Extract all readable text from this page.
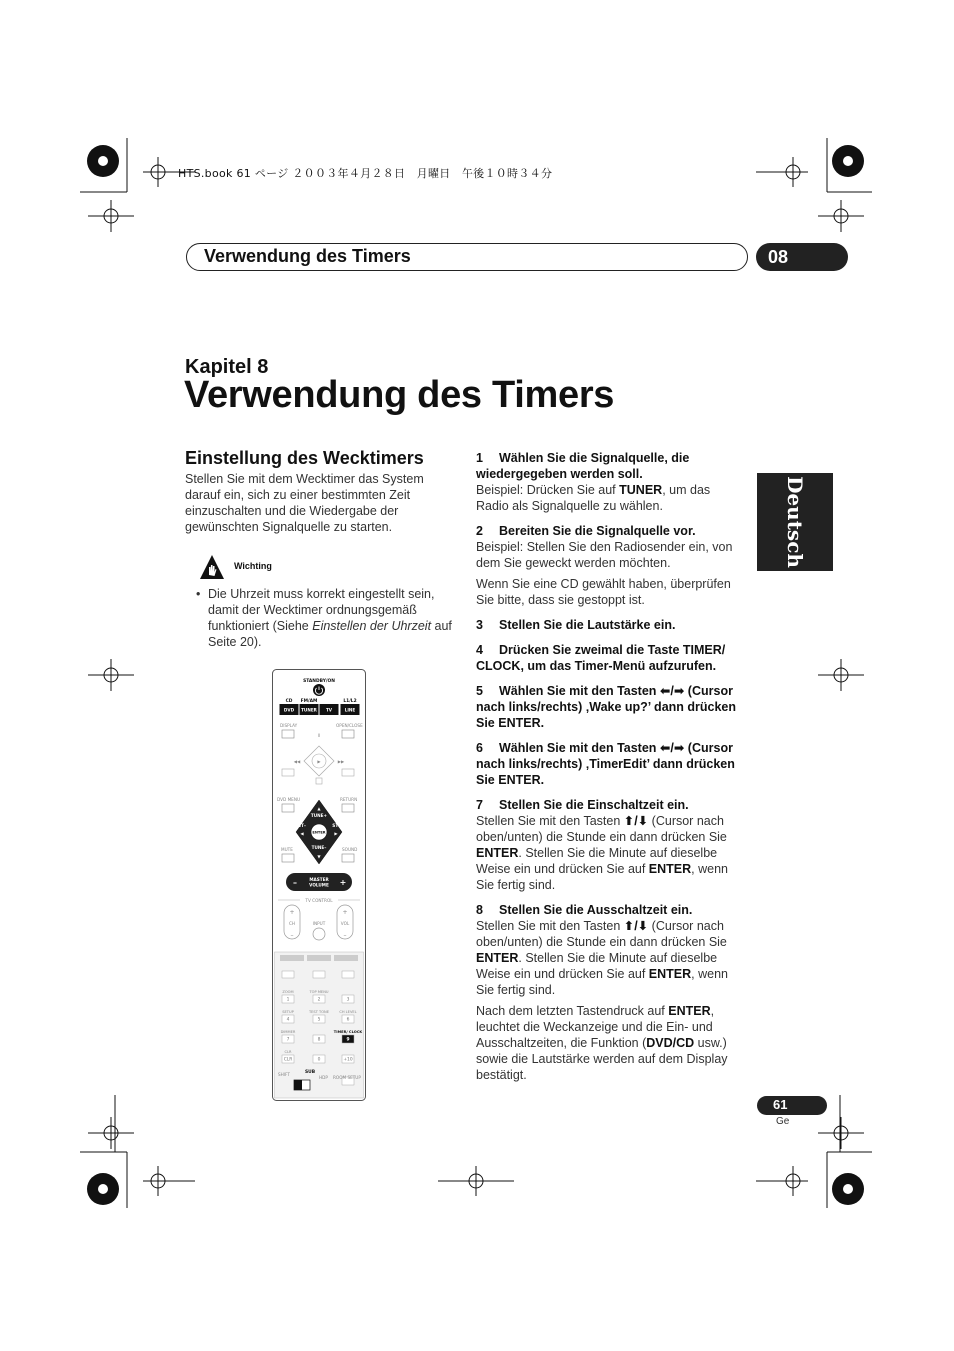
HTS.book 61 ページ ２００３年４月２８日　月曜日　午後１０時３４分
Verwendung des Timers	08
Kapitel 8
Verwendung des Timers
Deutsch
Einstellung des Wecktimers
Stellen Sie mit dem Wecktimer das System darauf ein, sich zu einer bestimmten Zeit einzuschalten und die Wiedergabe der gewünschten Signalquelle zu starten.
Wichting
• Die Uhrzeit muss korrekt eingestellt sein, damit der Wecktimer ordnungsgemäß funktioniert (Siehe Einstellen der Uhrzeit auf Seite 20).
STANDBY/ON
CD FM/AM	L1/L2
DVD TUNER TV	LINE
DISPLAY	OPEN/CLOSE
II
◀◀	▶▶
▶
DVD MENU	RETURN
ENTER
TUNE+
TUNE–
ST–	ST+
▲
▼
◀	▶
MUTE	SOUND
MASTER
VOLUME
–	+
TV CONTROL
+
–
+
–
CH	VOL
INPUT
ZOOM
1
TOP MENU
2	3
SETUP
4
TEST TONE
5
CH LEVEL
6
DIMMER
7	8
TIMER/ CLOCK
9
CLR
CLR	0	+10
SHIFT	SUB
HDP ROOM SETUP
1 Wählen Sie die Signalquelle, die wiedergegeben werden soll.
Beispiel: Drücken Sie auf TUNER, um das Radio als Signalquelle zu wählen.
2 Bereiten Sie die Signalquelle vor.
Beispiel: Stellen Sie den Radiosender ein, von dem Sie geweckt werden möchten.
Wenn Sie eine CD gewählt haben, überprüfen Sie bitte, dass sie gestoppt ist.
3 Stellen Sie die Lautstärke ein.
4 Drücken Sie zweimal die Taste TIMER/ CLOCK, um das Timer-Menü aufzurufen.
5 Wählen Sie mit den Tasten ⬅/➡ (Cursor nach links/rechts) ‚Wake up?’ dann drücken Sie ENTER.
6 Wählen Sie mit den Tasten ⬅/➡ (Cursor nach links/rechts) ‚TimerEdit’ dann drücken Sie ENTER.
7 Stellen Sie die Einschaltzeit ein.
Stellen Sie mit den Tasten ⬆/⬇ (Cursor nach oben/unten) die Stunde ein dann drücken Sie ENTER. Stellen Sie die Minute auf dieselbe Weise ein und drücken Sie auf ENTER, wenn Sie fertig sind.
8 Stellen Sie die Ausschaltzeit ein.
Stellen Sie mit den Tasten ⬆/⬇ (Cursor nach oben/unten) die Stunde ein dann drücken Sie ENTER. Stellen Sie die Minute auf dieselbe Weise ein und drücken Sie auf ENTER, wenn Sie fertig sind.
Nach dem letzten Tastendruck auf ENTER, leuchtet die Weckanzeige und die Ein- und Ausschaltzeiten, die Funktion (DVD/CD usw.) sowie die Lautstärke werden auf dem Display bestätigt.
61
Ge
